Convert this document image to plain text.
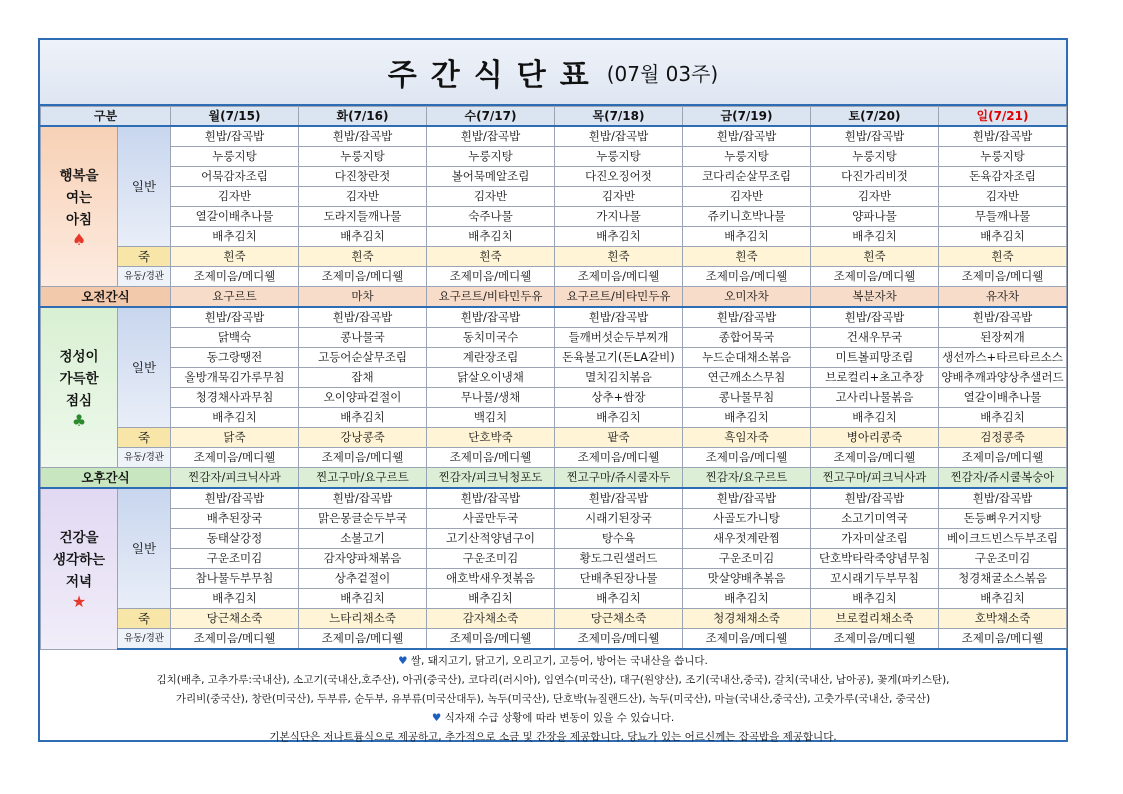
주간식단표 (07월 03주)
구분		월(7/15)	화(7/16)	수(7/17)	목(7/18)	금(7/19)	토(7/20)	일(7/21)

행복을
여는
아침
♠	일반	흰밥/잡곡밥	흰밥/잡곡밥	흰밥/잡곡밥	흰밥/잡곡밥	흰밥/잡곡밥	흰밥/잡곡밥	흰밥/잡곡밥
		누룽지탕	누룽지탕	누룽지탕	누룽지탕	누룽지탕	누룽지탕	누룽지탕
		어묵감자조림	다진창란젓	볼어묵메알조림	다진오징어젓	코다리순살무조림	다진가리비젓	돈육감자조림
		김자반	김자반	김자반	김자반	김자반	김자반	김자반
		열갈이배추나물	도라지들깨나물	숙주나물	가지나물	쥬키니호박나물	양파나물	무들깨나물
		배추김치	배추김치	배추김치	배추김치	배추김치	배추김치	배추김치
	죽	흰죽	흰죽	흰죽	흰죽	흰죽	흰죽	흰죽
	유동/경관	조제미음/메디웰	조제미음/메디웰	조제미음/메디웰	조제미음/메디웰	조제미음/메디웰	조제미음/메디웰	조제미음/메디웰
오전간식		요구르트	마차	요구르트/비타민두유	요구르트/비타민두유	오미자차	복분자차	유자차

정성이
가득한
점심
♣	일반	흰밥/잡곡밥	흰밥/잡곡밥	흰밥/잡곡밥	흰밥/잡곡밥	흰밥/잡곡밥	흰밥/잡곡밥	흰밥/잡곡밥
		닭백숙	콩나물국	동치미국수	들깨버섯순두부찌개	종합어묵국	건새우무국	된장찌개
		동그랑땡전	고등어순살무조림	계란장조림	돈육불고기(돈LA갈비)	누드순대채소볶음	미트볼피망조림	생선까스+타르타르소스
		올방개묵김가루무침	잡채	닭살오이냉채	멸치김치볶음	연근깨소스무침	브로컬리+초고추장	양배추깨과양상추샐러드
		청경채사과무침	오이양파겉절이	무나물/생채	상추+쌈장	콩나물무침	고사리나물볶음	열갈이배추나물
		배추김치	배추김치	백김치	배추김치	배추김치	배추김치	배추김치
	죽	닭죽	강낭콩죽	단호박죽	팥죽	흑임자죽	병아리콩죽	검정콩죽
	유동/경관	조제미음/메디웰	조제미음/메디웰	조제미음/메디웰	조제미음/메디웰	조제미음/메디웰	조제미음/메디웰	조제미음/메디웰
오후간식		찐감자/피크닉사과	찐고구마/요구르트	찐감자/피크닉청포도	찐고구마/쥬시쿨자두	찐감자/요구르트	찐고구마/피크닉사과	찐감자/쥬시쿨복숭아

건강을
생각하는
저녁
★	일반	흰밥/잡곡밥	흰밥/잡곡밥	흰밥/잡곡밥	흰밥/잡곡밥	흰밥/잡곡밥	흰밥/잡곡밥	흰밥/잡곡밥
		배추된장국	맑은몽글순두부국	사골만두국	시래기된장국	사골도가니탕	소고기미역국	돈등뼈우거지탕
		동태살강정	소불고기	고기산적양념구이	탕수육	새우젓계란찜	가자미살조림	베이크드빈스두부조림
		구운조미김	감자양파채볶음	구운조미김	황도그린샐러드	구운조미김	단호박타락죽양념무침	구운조미김
		참나물두부무침	상추겉절이	애호박새우젓볶음	단배추된장나물	맛살양배추볶음	꼬시래기두부무침	청경채굴소스볶음
		배추김치	배추김치	배추김치	배추김치	배추김치	배추김치	배추김치
	죽	당근채소죽	느타리채소죽	감자채소죽	당근채소죽	청경채채소죽	브로컬리채소죽	호박채소죽
	유동/경관	조제미음/메디웰	조제미음/메디웰	조제미음/메디웰	조제미음/메디웰	조제미음/메디웰	조제미음/메디웰	조제미음/메디웰
♥ 쌀, 돼지고기, 닭고기, 오리고기, 고등어, 방어는 국내산을 씁니다.
김치(배추, 고추가루:국내산), 소고기(국내산,호주산), 아귀(중국산), 코다리(러시아), 임연수(미국산), 대구(원양산), 조기(국내산,중국), 갈치(국내산, 남아공), 꽃게(파키스탄),
가리비(중국산), 창란(미국산), 두부류, 순두부, 유부류(미국산대두), 녹두(미국산), 단호박(뉴질랜드산), 녹두(미국산), 마늘(국내산,중국산), 고춧가루(국내산, 중국산)
♥ 식자재 수급 상황에 따라 변동이 있을 수 있습니다.
기본식단은 저나트륨식으로 제공하고, 추가적으로 소금 및 간장을 제공합니다. 당뇨가 있는 어르신께는 잡곡밥을 제공합니다.
